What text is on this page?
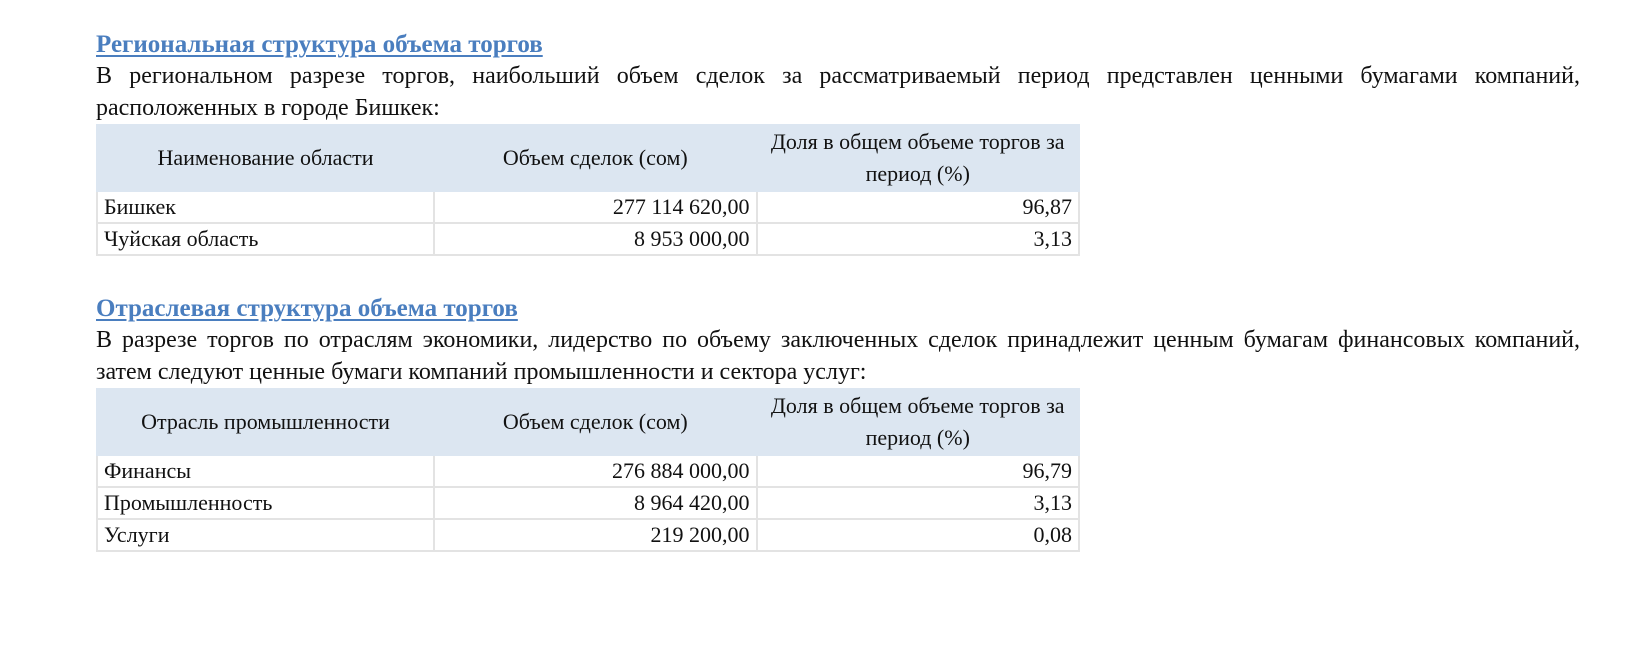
Региональная структура объема торгов

В региональном разрезе торгов, наибольший объем сделок за рассматриваемый период представлен ценными бумагами компаний, расположенных в городе Бишкек:

Наименование области	Объем сделок (сом)	Доля в общем объеме торгов за период (%)
Бишкек	277 114 620,00	96,87
Чуйская область	8 953 000,00	3,13
Отраслевая структура объема торгов

В разрезе торгов по отраслям экономики, лидерство по объему заключенных сделок принадлежит ценным бумагам финансовых компаний, затем следуют ценные бумаги компаний промышленности и сектора услуг:

Отрасль промышленности	Объем сделок (сом)	Доля в общем объеме торгов за период (%)
Финансы	276 884 000,00	96,79
Промышленность	8 964 420,00	3,13
Услуги	219 200,00	0,08
